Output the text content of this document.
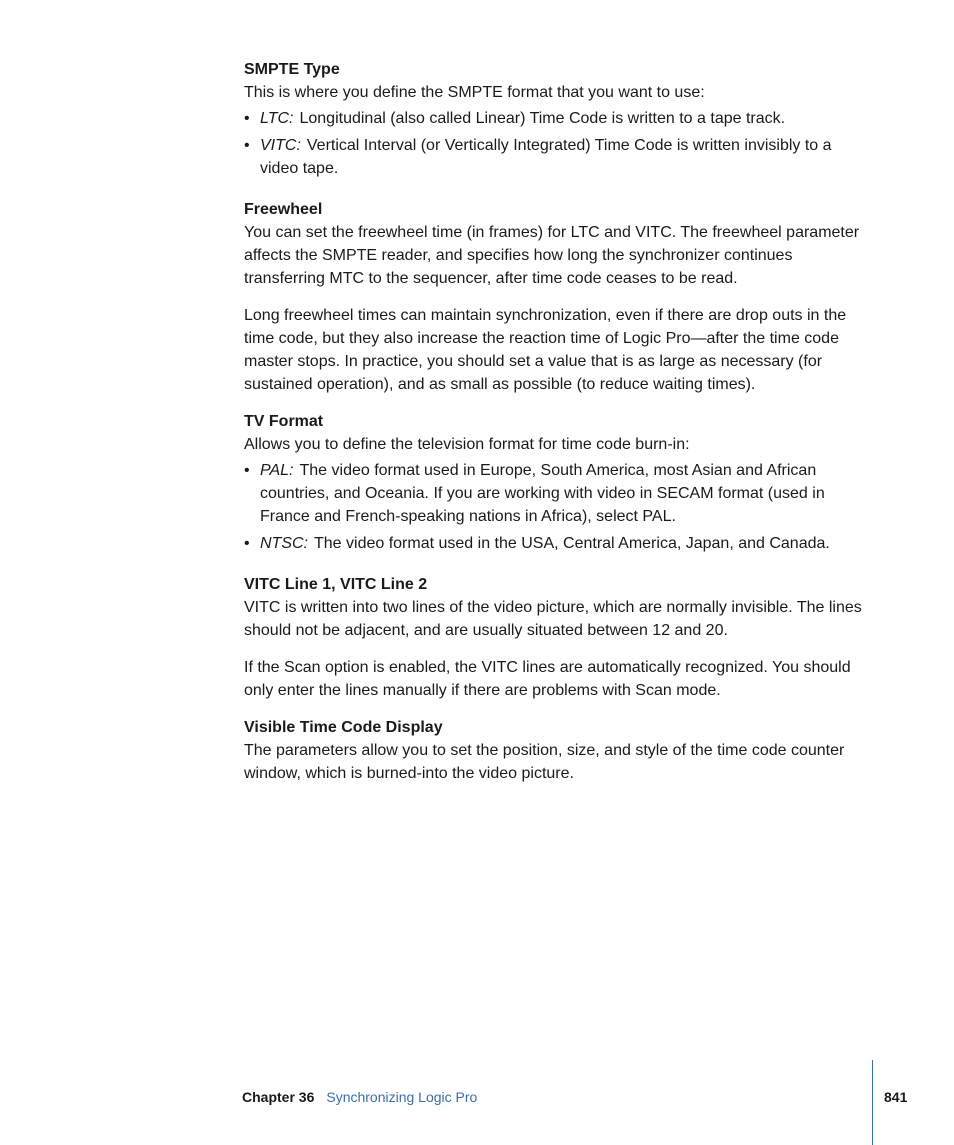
SMPTE Type

This is where you define the SMPTE format that you want to use:

• LTC: Longitudinal (also called Linear) Time Code is written to a tape track.
• VITC: Vertical Interval (or Vertically Integrated) Time Code is written invisibly to a video tape.
Freewheel

You can set the freewheel time (in frames) for LTC and VITC. The freewheel parameter affects the SMPTE reader, and specifies how long the synchronizer continues transferring MTC to the sequencer, after time code ceases to be read.

Long freewheel times can maintain synchronization, even if there are drop outs in the time code, but they also increase the reaction time of Logic Pro—after the time code master stops. In practice, you should set a value that is as large as necessary (for sustained operation), and as small as possible (to reduce waiting times).

TV Format

Allows you to define the television format for time code burn-in:

• PAL: The video format used in Europe, South America, most Asian and African countries, and Oceania. If you are working with video in SECAM format (used in France and French-speaking nations in Africa), select PAL.
• NTSC: The video format used in the USA, Central America, Japan, and Canada.
VITC Line 1, VITC Line 2

VITC is written into two lines of the video picture, which are normally invisible. The lines should not be adjacent, and are usually situated between 12 and 20.

If the Scan option is enabled, the VITC lines are automatically recognized. You should only enter the lines manually if there are problems with Scan mode.

Visible Time Code Display

The parameters allow you to set the position, size, and style of the time code counter window, which is burned-into the video picture.

Chapter 36 Synchronizing Logic Pro	841
